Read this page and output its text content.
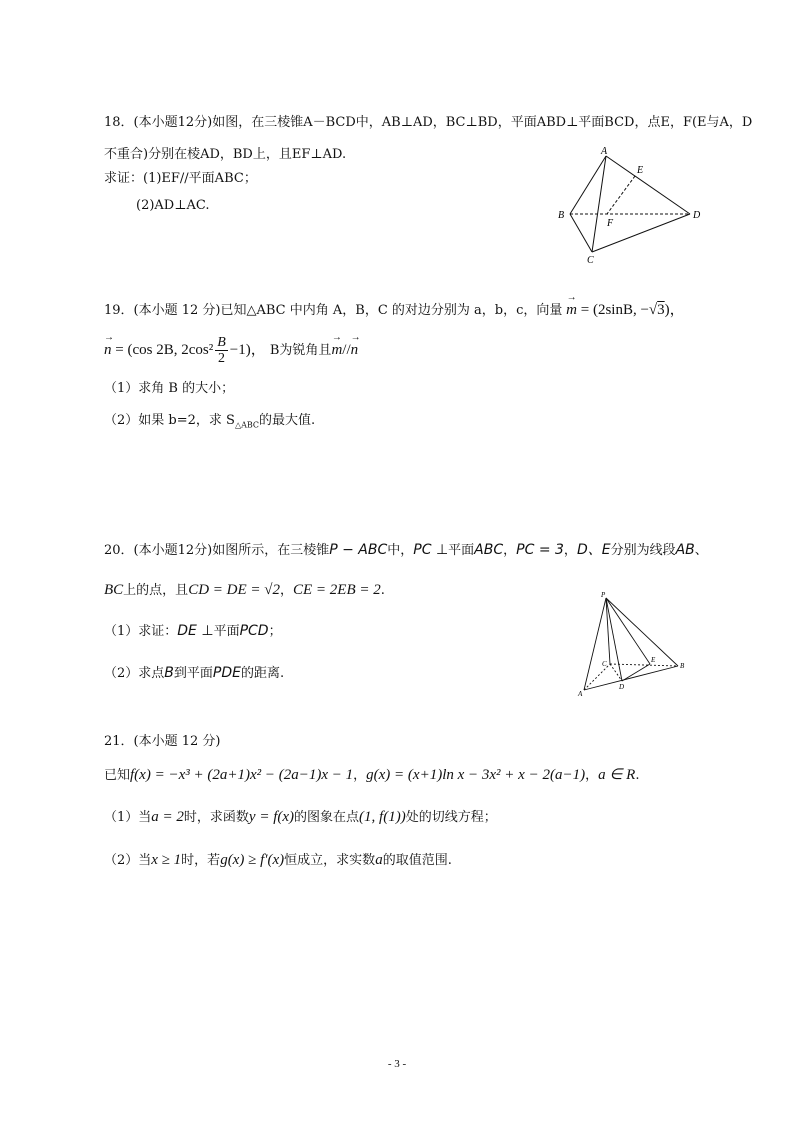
18．(本小题12分)如图，在三棱锥A－BCD中，AB⊥AD，BC⊥BD，平面ABD⊥平面BCD，点E，F(E与A，D
不重合)分别在棱AD，BD上，且EF⊥AD.
求证：(1)EF//平面ABC；
(2)AD⊥AC.
A
E
B	D
F
C
19．(本小题 12 分)已知△ABC 中内角 A，B，C 的对边分别为 a，b，c，向量 → m = (2sinB, −√3)，
→ n = (cos 2B, $2\cos^2 \frac{B}{2} -1$)， B为锐角且→ m//→ n
（1）求角 B 的大小；
（2）如果 b=2，求 $S_{\triangle ABC}$的最大值.
20．(本小题12分)如图所示，在三棱锥P − ABC中，PC ⊥平面ABC，PC = 3，D、E分别为线段AB、
BC上的点，且CD = DE = √2，CE = 2EB = 2.
（1）求证：DE ⊥平面PCD；
（2）求点B到平面PDE的距离.
P
C	E
B
D
A
21．(本小题 12 分)
已知f(x) = −x³ + (2a+1)x² − (2a−1)x − 1，g(x) = (x+1)ln x − 3x² + x − 2(a−1)，a ∈ R.
（1）当a = 2时，求函数y = f(x)的图象在点(1, f(1))处的切线方程；
（2）当x ≥ 1时，若g(x) ≥ f′(x)恒成立，求实数a的取值范围.
- 3 -
